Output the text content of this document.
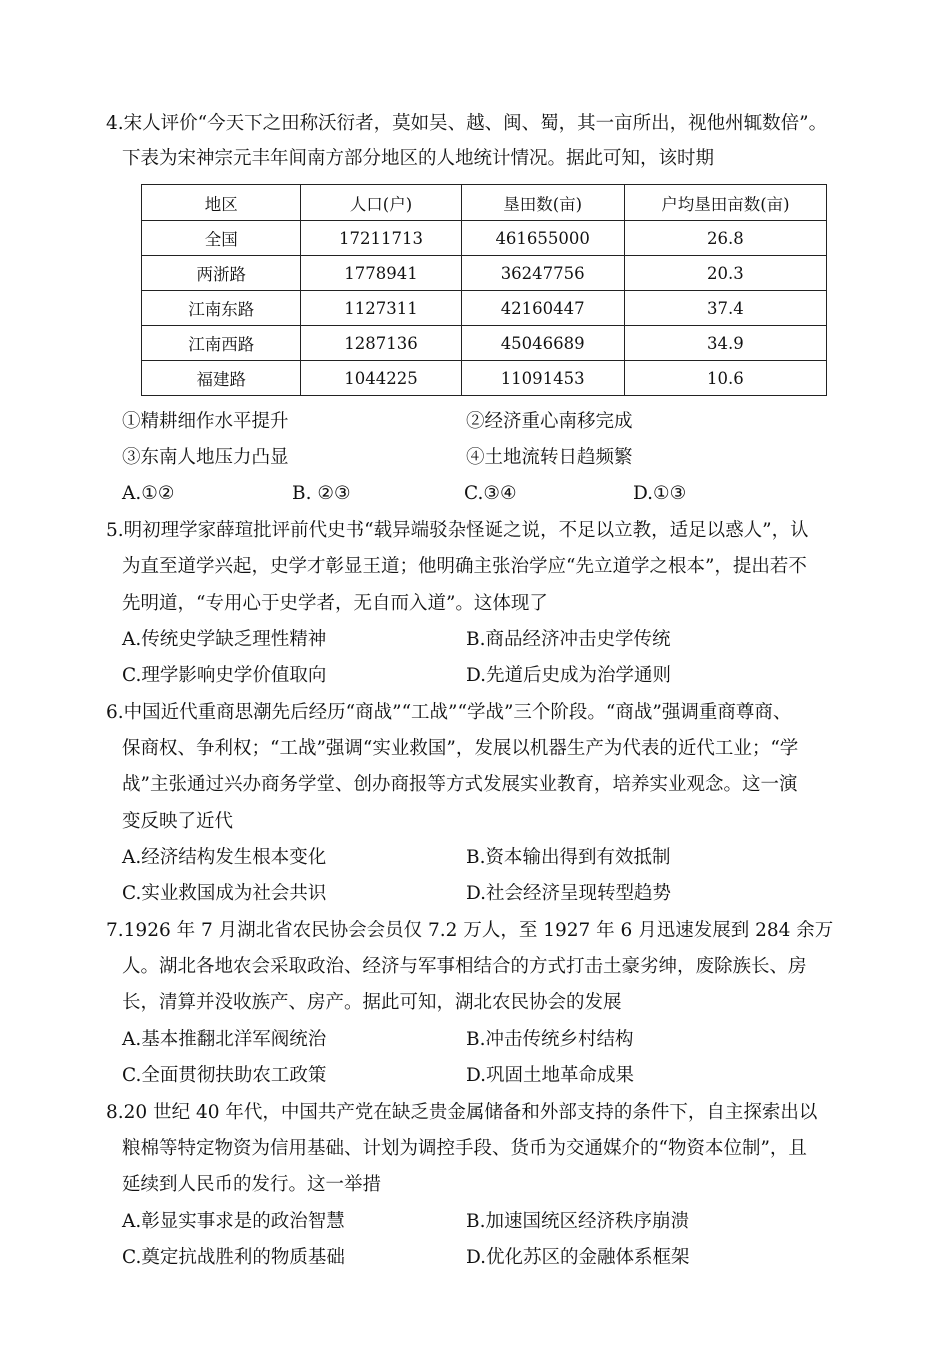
4.宋人评价“今天下之田称沃衍者，莫如吴、越、闽、蜀，其一亩所出，视他州辄数倍”。
下表为宋神宗元丰年间南方部分地区的人地统计情况。据此可知，该时期
地区	人口(户)	垦田数(亩)	户均垦田亩数(亩)
全国	17211713	461655000	26.8
两浙路	1778941	36247756	20.3
江南东路	1127311	42160447	37.4
江南西路	1287136	45046689	34.9
福建路	1044225	11091453	10.6
①精耕细作水平提升	②经济重心南移完成
③东南人地压力凸显	④土地流转日趋频繁
A.①②	B. ②③	C.③④	D.①③
5.明初理学家薛瑄批评前代史书“载异端驳杂怪诞之说，不足以立教，适足以惑人”，认
为直至道学兴起，史学才彰显王道；他明确主张治学应“先立道学之根本”，提出若不
先明道，“专用心于史学者，无自而入道”。这体现了
A.传统史学缺乏理性精神	B.商品经济冲击史学传统
C.理学影响史学价值取向	D.先道后史成为治学通则
6.中国近代重商思潮先后经历“商战”“工战”“学战”三个阶段。“商战”强调重商尊商、
保商权、争利权；“工战”强调“实业救国”，发展以机器生产为代表的近代工业；“学
战”主张通过兴办商务学堂、创办商报等方式发展实业教育，培养实业观念。这一演
变反映了近代
A.经济结构发生根本变化	B.资本输出得到有效抵制
C.实业救国成为社会共识	D.社会经济呈现转型趋势
7.1926 年 7 月湖北省农民协会会员仅 7.2 万人，至 1927 年 6 月迅速发展到 284 余万
人。湖北各地农会采取政治、经济与军事相结合的方式打击土豪劣绅，废除族长、房
长，清算并没收族产、房产。据此可知，湖北农民协会的发展
A.基本推翻北洋军阀统治	B.冲击传统乡村结构
C.全面贯彻扶助农工政策	D.巩固土地革命成果
8.20 世纪 40 年代，中国共产党在缺乏贵金属储备和外部支持的条件下，自主探索出以
粮棉等特定物资为信用基础、计划为调控手段、货币为交通媒介的“物资本位制”，且
延续到人民币的发行。这一举措
A.彰显实事求是的政治智慧	B.加速国统区经济秩序崩溃
C.奠定抗战胜利的物质基础	D.优化苏区的金融体系框架
